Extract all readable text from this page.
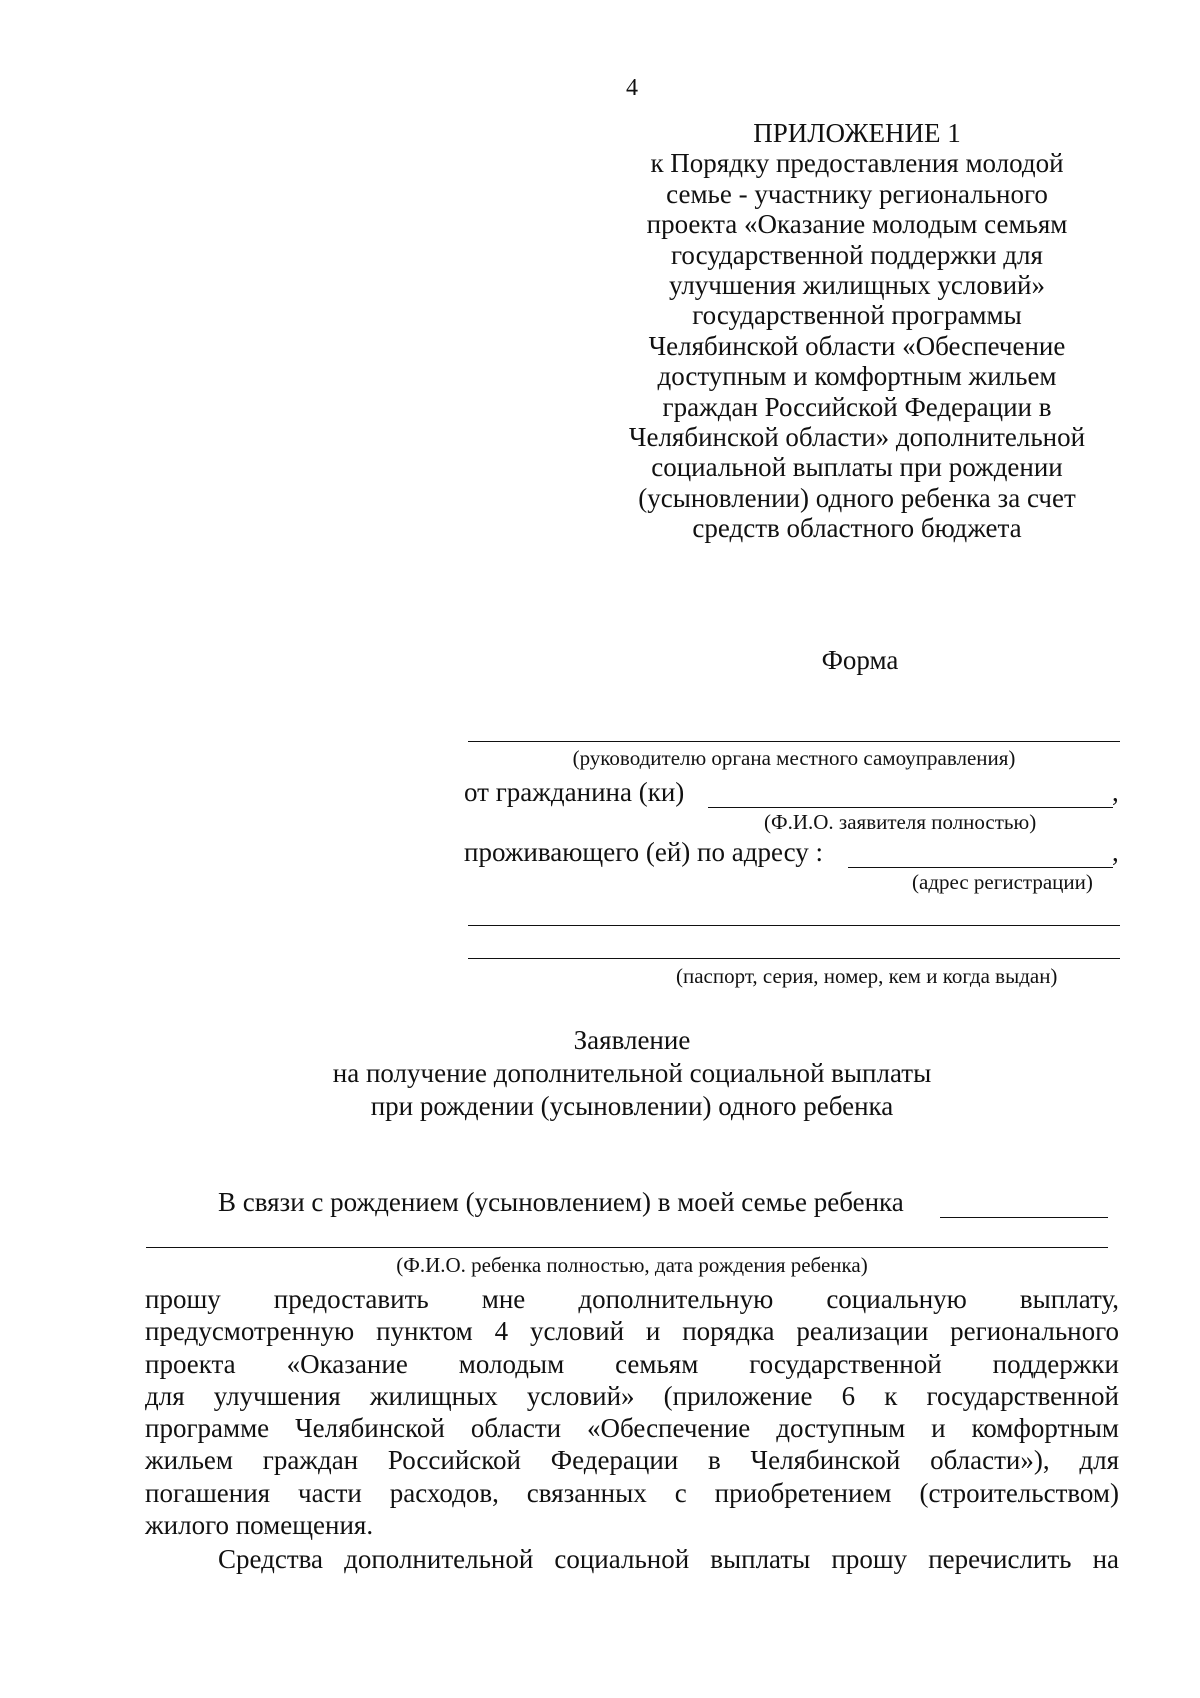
4
ПРИЛОЖЕНИЕ 1
к Порядку предоставления молодой
семье - участнику регионального
проекта «Оказание молодым семьям
государственной поддержки для
улучшения жилищных условий»
государственной программы
Челябинской области «Обеспечение
доступным и комфортным жильем
граждан Российской Федерации в
Челябинской области» дополнительной
социальной выплаты при рождении
(усыновлении) одного ребенка за счет
средств областного бюджета
Форма
(руководителю органа местного самоуправления)
от гражданина (ки)	,
(Ф.И.О. заявителя полностью)
проживающего (ей) по адресу :	,
(адрес регистрации)
(паспорт, серия, номер, кем и когда выдан)
Заявление
на получение дополнительной социальной выплаты
при рождении (усыновлении) одного ребенка
В связи с рождением (усыновлением) в моей семье ребенка
(Ф.И.О. ребенка полностью, дата рождения ребенка)
прошу предоставить мне дополнительную социальную выплату,
предусмотренную пунктом 4 условий и порядка реализации регионального
проекта «Оказание молодым семьям государственной поддержки
для улучшения жилищных условий» (приложение 6 к государственной
программе Челябинской области «Обеспечение доступным и комфортным
жильем граждан Российской Федерации в Челябинской области»), для
погашения части расходов, связанных с приобретением (строительством)
жилого помещения.
Средства дополнительной социальной выплаты прошу перечислить на
